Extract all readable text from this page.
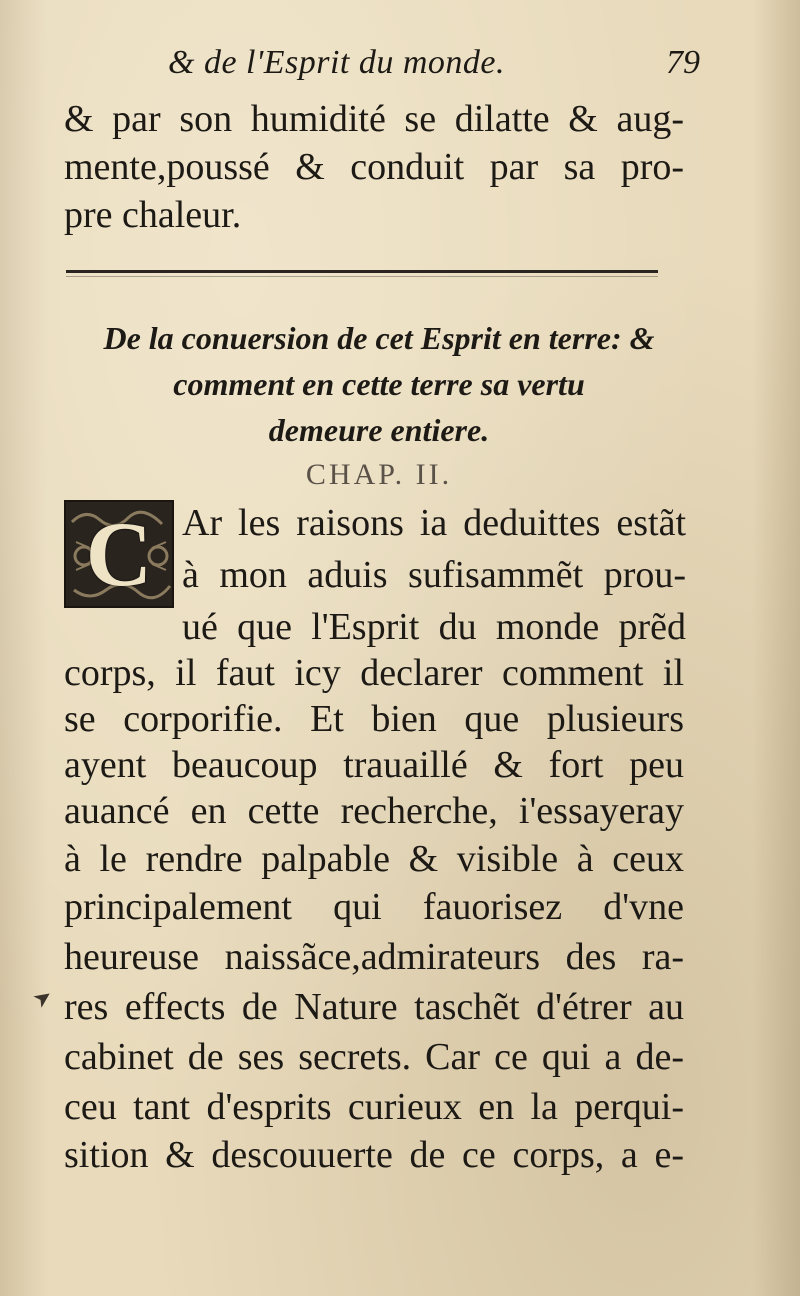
& de l'Esprit du monde.	79
& par son humidité se dilatte & aug-
mente,poussé & conduit par sa pro-
pre chaleur.
De la conuersion de cet Esprit en terre: &
comment en cette terre sa vertu
demeure entiere.
CHAP. II.
C Ar les raisons ia deduittes estãt
à mon aduis sufisammẽt prou-
ué que l'Esprit du monde prẽd
corps, il faut icy declarer comment il
se corporifie. Et bien que plusieurs
ayent beaucoup trauaillé & fort peu
auancé en cette recherche, i'essayeray
à le rendre palpable & visible à ceux
principalement qui fauorisez d'vne
heureuse naissãce,admirateurs des ra-
res effects de Nature taschẽt d'étrer au
cabinet de ses secrets. Car ce qui a de-
ceu tant d'esprits curieux en la perqui-
sition & descouuerte de ce corps, a e-
➤
